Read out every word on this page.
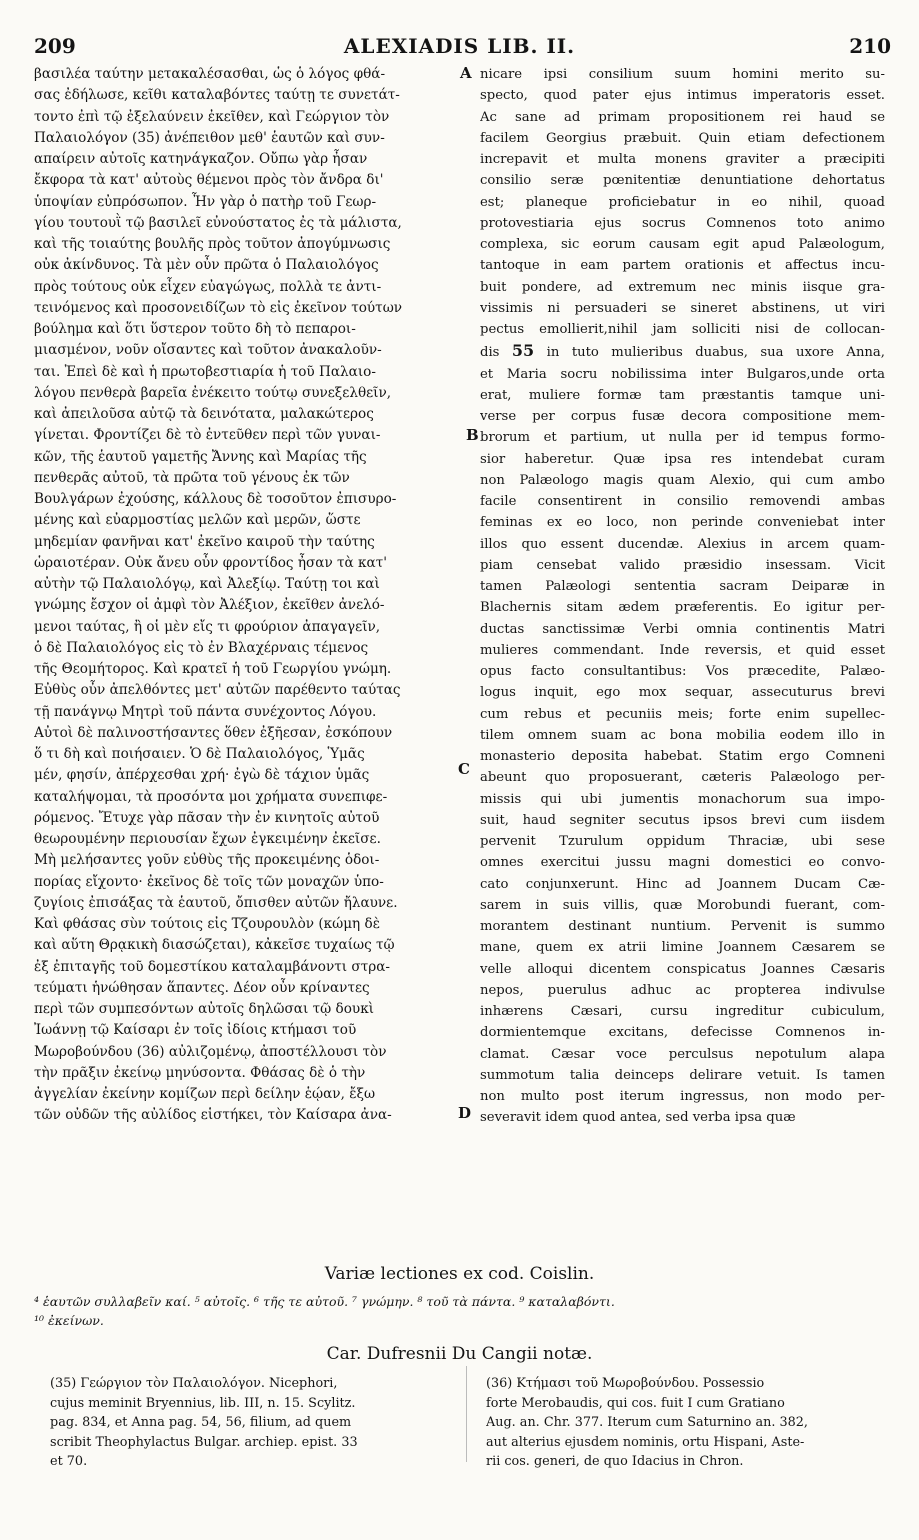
209	ALEXIADIS LIB. II.	210
βασιλέα ταύτην μετακαλέσασθαι, ὡς ὁ λόγος φθά-
σας ἐδήλωσε, κεῖθι καταλαβόντες ταύτῃ τε συνετάτ-
τοντο ἐπὶ τῷ ἐξελαύνειν ἐκεῖθεν, καὶ Γεώργιον τὸν
Παλαιολόγον (35) ἀνέπειθον μεθ' ἑαυτῶν καὶ συν-
απαίρειν αὐτοῖς κατηνάγκαζον. Οὔπω γὰρ ἦσαν
ἔκφορα τὰ κατ' αὐτοὺς θέμενοι πρὸς τὸν ἄνδρα δι'
ὑποψίαν εὐπρόσωπον. Ἦν γὰρ ὁ πατὴρ τοῦ Γεωρ-
γίου τουτουῒ τῷ βασιλεῖ εὐνούστατος ἐς τὰ μάλιστα,
καὶ τῆς τοιαύτης βουλῆς πρὸς τοῦτον ἀπογύμνωσις
οὐκ ἀκίνδυνος. Τὰ μὲν οὖν πρῶτα ὁ Παλαιολόγος
πρὸς τούτους οὐκ εἶχεν εὐαγώγως, πολλὰ τε ἀντι-
τεινόμενος καὶ προσονειδίζων τὸ εἰς ἐκεῖνον τούτων
βούλημα καὶ ὅτι ὕστερον τοῦτο δὴ τὸ πεπαροι-
μιασμένον, νοῦν οἴσαντες καὶ τοῦτον ἀνακαλοῦν-
ται. Ἐπεὶ δὲ καὶ ἡ πρωτοβεστιαρία ἡ τοῦ Παλαιο-
λόγου πενθερὰ βαρεῖα ἐνέκειτο τούτῳ συνεξελθεῖν,
καὶ ἀπειλοῦσα αὐτῷ τὰ δεινότατα, μαλακώτερος
γίνεται. Φροντίζει δὲ τὸ ἐντεῦθεν περὶ τῶν γυναι-
κῶν, τῆς ἑαυτοῦ γαμετῆς Ἄννης καὶ Μαρίας τῆς
πενθερᾶς αὐτοῦ, τὰ πρῶτα τοῦ γένους ἐκ τῶν
Βουλγάρων ἐχούσης, κάλλους δὲ τοσοῦτον ἐπισυρο-
μένης καὶ εὐαρμοστίας μελῶν καὶ μερῶν, ὥστε
μηδεμίαν φανῆναι κατ' ἐκεῖνο καιροῦ τὴν ταύτης
ὡραιοτέραν. Οὐκ ἄνευ οὖν φροντίδος ἦσαν τὰ κατ'
αὐτὴν τῷ Παλαιολόγῳ, καὶ Ἀλεξίῳ. Ταύτῃ τοι καὶ
γνώμης ἔσχον οἱ ἀμφὶ τὸν Ἀλέξιον, ἐκεῖθεν ἀνελό-
μενοι ταύτας, ἢ οἱ μὲν εἴς τι φρούριον ἀπαγαγεῖν,
ὁ δὲ Παλαιολόγος εἰς τὸ ἐν Βλαχέρναις τέμενος
τῆς Θεομήτορος. Καὶ κρατεῖ ἡ τοῦ Γεωργίου γνώμη.
Εὐθὺς οὖν ἀπελθόντες μετ' αὐτῶν παρέθεντο ταύτας
τῇ πανάγνῳ Μητρὶ τοῦ πάντα συνέχοντος Λόγου.
Αὐτοὶ δὲ παλινοστήσαντες ὅθεν ἐξῆεσαν, ἐσκόπουν
ὅ τι δὴ καὶ ποιήσαιεν. Ὁ δὲ Παλαιολόγος, Ὑμᾶς
μέν, φησίν, ἀπέρχεσθαι χρή· ἐγὼ δὲ τάχιον ὑμᾶς
καταλήψομαι, τὰ προσόντα μοι χρήματα συνεπιφε-
ρόμενος. Ἔτυχε γὰρ πᾶσαν τὴν ἐν κινητοῖς αὐτοῦ
θεωρουμένην περιουσίαν ἔχων ἐγκειμένην ἐκεῖσε.
Μὴ μελήσαντες γοῦν εὐθὺς τῆς προκειμένης ὁδοι-
πορίας εἴχοντο· ἐκεῖνος δὲ τοῖς τῶν μοναχῶν ὑπο-
ζυγίοις ἐπισάξας τὰ ἑαυτοῦ, ὄπισθεν αὐτῶν ἤλαυνε.
Καὶ φθάσας σὺν τούτοις εἰς Τζουρουλὸν (κώμη δὲ
καὶ αὕτη Θρᾳκικὴ διασώζεται), κἀκεῖσε τυχαίως τῷ
ἐξ ἐπιταγῆς τοῦ δομεστίκου καταλαμβάνοντι στρα-
τεύματι ἡνώθησαν ἅπαντες. Δέον οὖν κρίναντες
περὶ τῶν συμπεσόντων αὐτοῖς δηλῶσαι τῷ δουκὶ
Ἰωάννῃ τῷ Καίσαρι ἐν τοῖς ἰδίοις κτήμασι τοῦ
Μωροβούνδου (36) αὐλιζομένῳ, ἀποστέλλουσι τὸν
τὴν πρᾶξιν ἐκείνῳ μηνύσοντα. Φθάσας δὲ ὁ τὴν
ἀγγελίαν ἐκείνην κομίζων περὶ δείλην ἑῴαν, ἔξω
τῶν οὐδῶν τῆς αὐλίδος εἱστήκει, τὸν Καίσαρα ἀνα-
nicare ipsi consilium suum homini merito su-
specto, quod pater ejus intimus imperatoris esset.
Ac sane ad primam propositionem rei haud se
facilem Georgius præbuit. Quin etiam defectionem
increpavit et multa monens graviter a præcipiti
consilio seræ pœnitentiæ denuntiatione dehortatus
est; planeque proficiebatur in eo nihil, quoad
protovestiaria ejus socrus Comnenos toto animo
complexa, sic eorum causam egit apud Palæologum,
tantoque in eam partem orationis et affectus incu-
buit pondere, ad extremum nec minis iisque gra-
vissimis ni persuaderi se sineret abstinens, ut viri
pectus emollierit,nihil jam solliciti nisi de collocan-
dis 55 in tuto mulieribus duabus, sua uxore Anna,
et Maria socru nobilissima inter Bulgaros,unde orta
erat, muliere formæ tam præstantis tamque uni-
verse per corpus fusæ decora compositione mem-
brorum et partium, ut nulla per id tempus formo-
sior haberetur. Quæ ipsa res intendebat curam
non Palæologo magis quam Alexio, qui cum ambo
facile consentirent in consilio removendi ambas
feminas ex eo loco, non perinde conveniebat inter
illos quo essent ducendæ. Alexius in arcem quam-
piam censebat valido præsidio insessam. Vicit
tamen Palæologi sententia sacram Deiparæ in
Blachernis sitam ædem præferentis. Eo igitur per-
ductas sanctissimæ Verbi omnia continentis Matri
mulieres commendant. Inde reversis, et quid esset
opus facto consultantibus: Vos præcedite, Palæo-
logus inquit, ego mox sequar, assecuturus brevi
cum rebus et pecuniis meis; forte enim supellec-
tilem omnem suam ac bona mobilia eodem illo in
monasterio deposita habebat. Statim ergo Comneni
abeunt quo proposuerant, cæteris Palæologo per-
missis qui ubi jumentis monachorum sua impo-
suit, haud segniter secutus ipsos brevi cum iisdem
pervenit Tzurulum oppidum Thraciæ, ubi sese
omnes exercitui jussu magni domestici eo convo-
cato conjunxerunt. Hinc ad Joannem Ducam Cæ-
sarem in suis villis, quæ Morobundi fuerant, com-
morantem destinant nuntium. Pervenit is summo
mane, quem ex atrii limine Joannem Cæsarem se
velle alloqui dicentem conspicatus Joannes Cæsaris
nepos, puerulus adhuc ac propterea indivulse
inhærens Cæsari, cursu ingreditur cubiculum,
dormientemque excitans, defecisse Comnenos in-
clamat. Cæsar voce perculsus nepotulum alapa
summotum talia deinceps delirare vetuit. Is tamen
non multo post iterum ingressus, non modo per-
severavit idem quod antea, sed verba ipsa quæ
A
B
C
D
Variæ lectiones ex cod. Coislin.
⁴ ἑαυτῶν συλλαβεῖν καί. ⁵ αὐτοῖς. ⁶ τῆς τε αὐτοῦ. ⁷ γνώμην. ⁸ τοῦ τὰ πάντα. ⁹ καταλαβόντι.
¹⁰ ἐκείνων.
Car. Dufresnii Du Cangii notæ.
(35) Γεώργιον τὸν Παλαιολόγον. Nicephori,
cujus meminit Bryennius, lib. III, n. 15. Scylitz.
pag. 834, et Anna pag. 54, 56, filium, ad quem
scribit Theophylactus Bulgar. archiep. epist. 33
et 70.
(36) Κτήμασι τοῦ Μωροβούνδου. Possessio
forte Merobaudis, qui cos. fuit I cum Gratiano
Aug. an. Chr. 377. Iterum cum Saturnino an. 382,
aut alterius ejusdem nominis, ortu Hispani, Aste-
rii cos. generi, de quo Idacius in Chron.
